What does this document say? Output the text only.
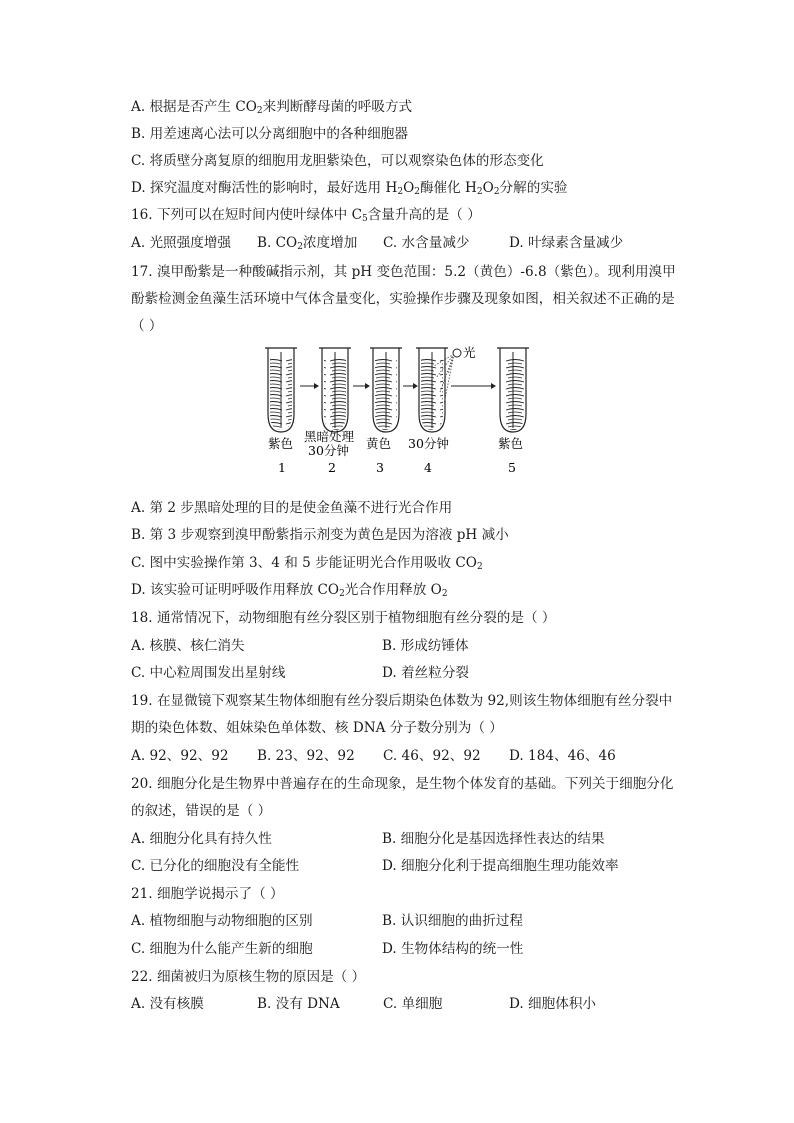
A. 根据是否产生 $CO_2$来判断酵母菌的呼吸方式
B. 用差速离心法可以分离细胞中的各种细胞器
C. 将质壁分离复原的细胞用龙胆紫染色，可以观察染色体的形态变化
D. 探究温度对酶活性的影响时，最好选用 $H_2O_2$酶催化 $H_2O_2$分解的实验
16. 下列可以在短时间内使叶绿体中 $C_5$含量升高的是（ ）
A. 光照强度增强 B. $CO_2$浓度增加 C. 水含量减少	D. 叶绿素含量减少
17. 溴甲酚紫是一种酸碱指示剂，其 pH 变色范围：5.2（黄色）-6.8（紫色）。现利用溴甲
酚紫检测金鱼藻生活环境中气体含量变化，实验操作步骤及现象如图，相关叙述不正确的是
（ ）
光
紫色 黑暗处理
30分钟 黄色 30分钟	紫色
1	2	3	4	5
A. 第 2 步黑暗处理的目的是使金鱼藻不进行光合作用
B. 第 3 步观察到溴甲酚紫指示剂变为黄色是因为溶液 pH 减小
C. 图中实验操作第 3、4 和 5 步能证明光合作用吸收 $CO_2$
D. 该实验可证明呼吸作用释放 $CO_2$光合作用释放 $O_2$
18. 通常情况下，动物细胞有丝分裂区别于植物细胞有丝分裂的是（ ）
A. 核膜、核仁消失	B. 形成纺锤体
C. 中心粒周围发出星射线	D. 着丝粒分裂
19. 在显微镜下观察某生物体细胞有丝分裂后期染色体数为 92,则该生物体细胞有丝分裂中
期的染色体数、姐妹染色单体数、核 DNA 分子数分别为（ ）
A. 92、92、92 B. 23、92、92 C. 46、92、92 D. 184、46、46
20. 细胞分化是生物界中普遍存在的生命现象，是生物个体发育的基础。下列关于细胞分化
的叙述，错误的是（ ）
A. 细胞分化具有持久性	B. 细胞分化是基因选择性表达的结果
C. 已分化的细胞没有全能性	D. 细胞分化利于提高细胞生理功能效率
21. 细胞学说揭示了（ ）
A. 植物细胞与动物细胞的区别	B. 认识细胞的曲折过程
C. 细胞为什么能产生新的细胞	D. 生物体结构的统一性
22. 细菌被归为原核生物的原因是（ ）
A. 没有核膜	B. 没有 DNA	C. 单细胞	D. 细胞体积小
